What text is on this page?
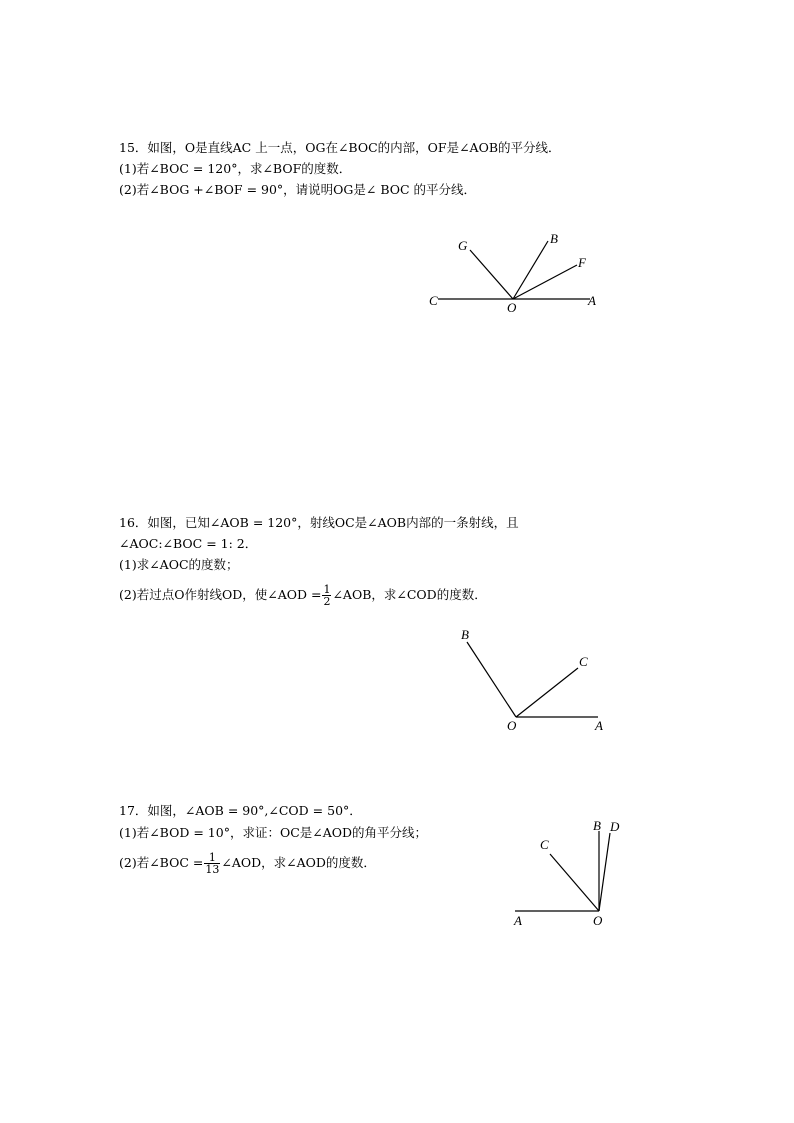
15．如图，O是直线AC 上一点，OG在∠BOC的内部，OF是∠AOB的平分线．
(1)若∠BOC = 120°，求∠BOF的度数．
(2)若∠BOG +∠BOF = 90°，请说明OG是∠ BOC 的平分线．
G	B
F
C	O	A
16．如图，已知∠AOB = 120°，射线OC是∠AOB内部的一条射线，且
∠AOC:∠BOC = 1: 2．
(1)求∠AOC的度数；
(2)若过点O作射线OD，使∠AOD = $\frac{1}{2}$ ∠AOB，求∠COD的度数．
B
C
O	A
17．如图，∠AOB = 90°,∠COD = 50°．
(1)若∠BOD = 10°，求证：OC是∠AOD的角平分线；
(2)若∠BOC = $\frac{1}{13}$ ∠AOD，求∠AOD的度数．
B D
C
A	O
